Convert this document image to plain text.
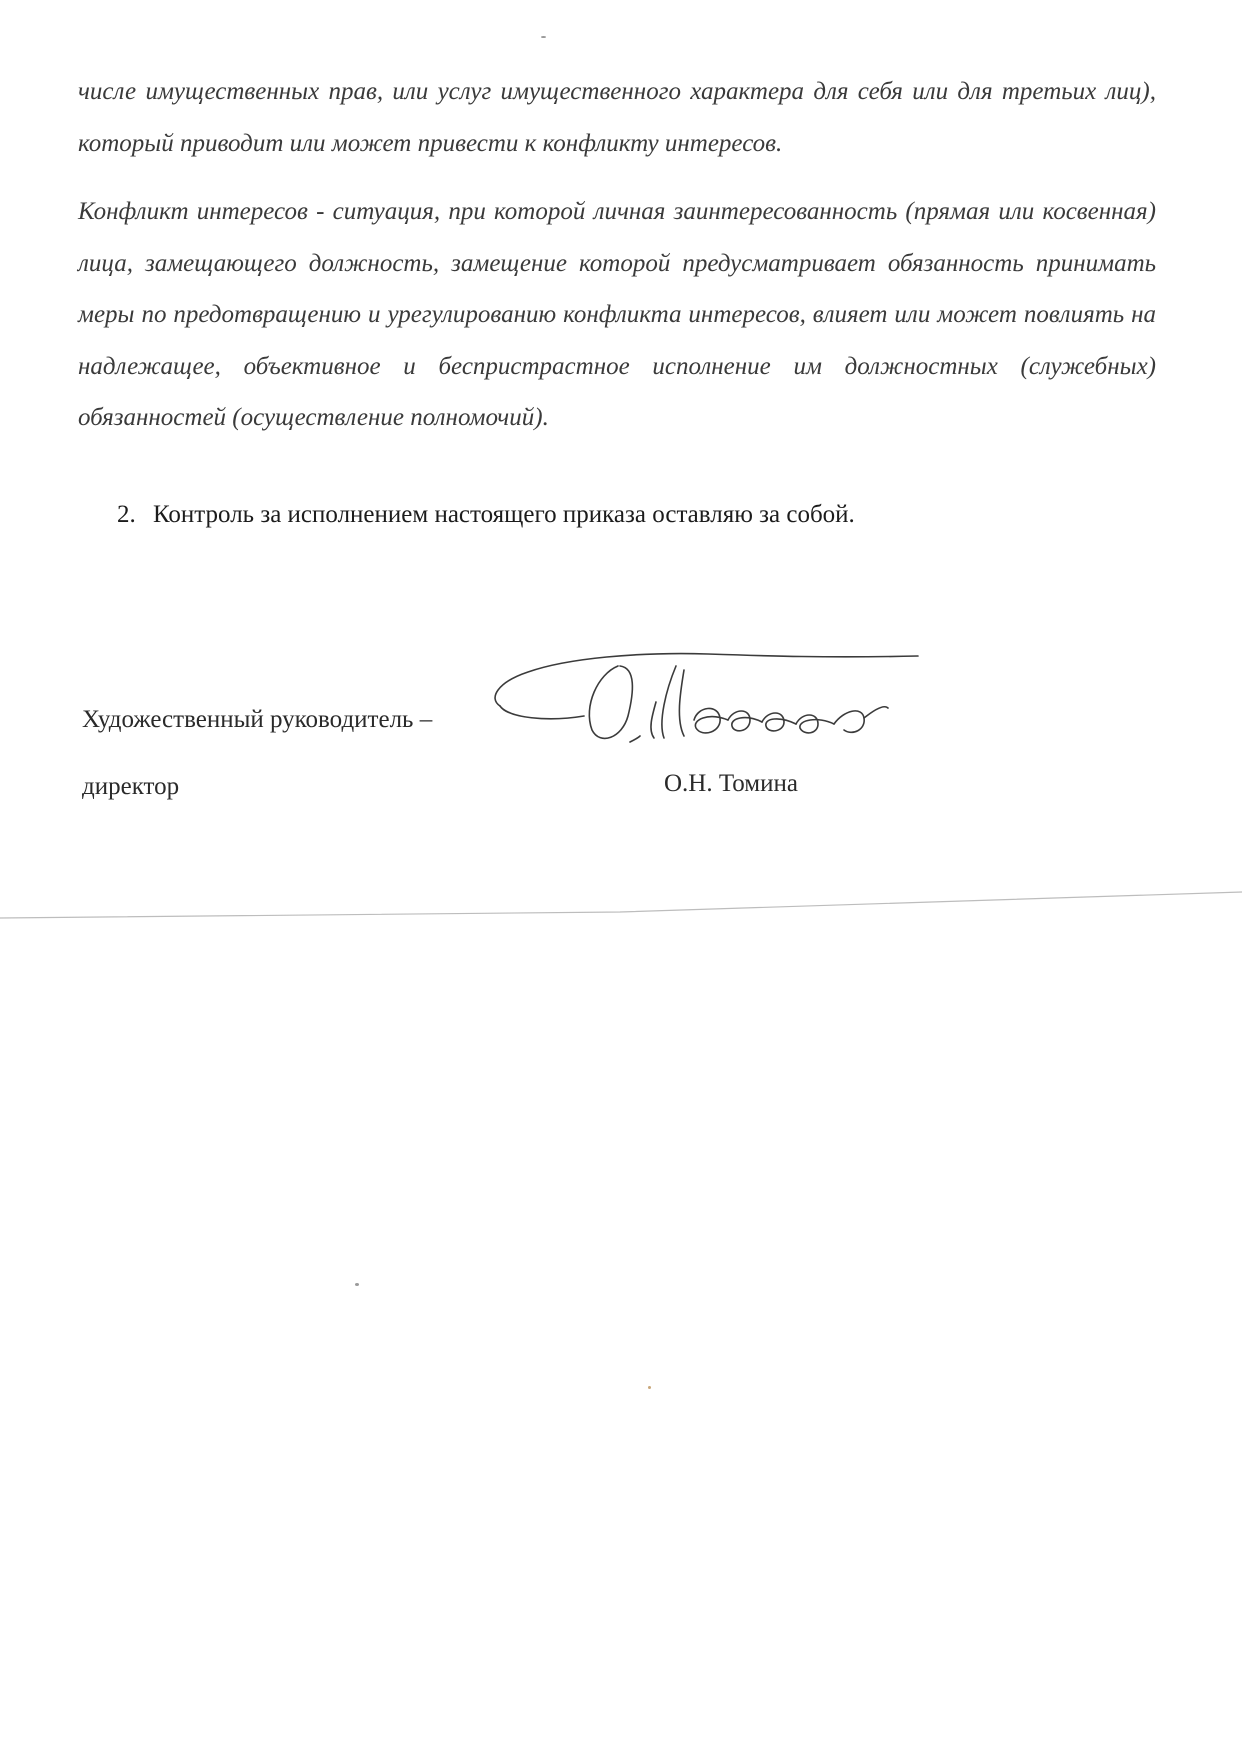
числе имущественных прав, или услуг имущественного характера для себя или для третьих лиц), который приводит или может привести к конфликту интересов.

Конфликт интересов - ситуация, при которой личная заинтересованность (прямая или косвенная) лица, замещающего должность, замещение которой предусматривает обязанность принимать меры по предотвращению и урегулированию конфликта интересов, влияет или может повлиять на надлежащее, объективное и беспристрастное исполнение им должностных (служебных) обязанностей (осуществление полномочий).

2. Контроль за исполнением настоящего приказа оставляю за собой.
Художественный руководитель –
директор	О.Н. Томина
